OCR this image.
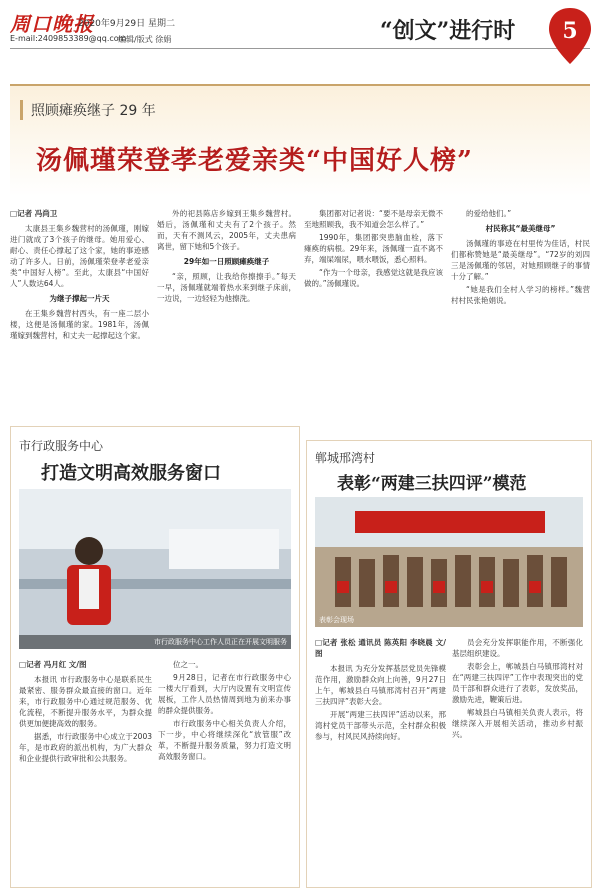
周口晚报
2020年9月29日 星期二
E-mail:2409853389@qq.com
编辑/版式 徐娟	“创文”进行时	5
照顾瘫痪继子 29 年
汤佩瑾荣登孝老爱亲类“中国好人榜”
□记者 冯尚卫

太康县王集乡魏营村的汤佩瑾，刚嫁进门就成了3个孩子的继母。她用爱心、耐心、责任心撑起了这个家，她的事迹感动了许多人。日前，汤佩瑾荣登孝老爱亲类“中国好人榜”。至此，太康县“中国好人”人数达64人。

为继子撑起一片天

在王集乡魏营村西头，有一座二层小楼，这便是汤佩瑾的家。1981年，汤佩瑾嫁到魏营村，和丈夫一起撑起这个家。

外的祀县陈店乡嫁到王集乡魏营村。婚后，汤佩瑾和丈夫有了2个孩子。然而，天有不测风云，2005年，丈夫患病离世，留下她和5个孩子。

29年如一日照顾瘫痪继子

“亲，照顾，让我给你擦擦手。”每天一早，汤佩瑾就端着热水来到继子床前，一边说，一边轻轻为他擦洗。

集团都对记者说：“要不是母亲无微不至地照顾我，我不知道会怎么样了。”

1990年，集团都突患脑血栓，落下瘫痪的病根。29年来，汤佩瑾一直不离不弃，端屎端尿，喂水喂饭，悉心照料。

“作为一个母亲，我感觉这就是我应该做的。”汤佩瑾说。

的爱给他们。”

村民称其“最美继母”

汤佩瑾的事迹在村里传为佳话，村民们都称赞她是“最美继母”。“72岁的刘四三是汤佩瑾的邻居，对她照顾继子的事情十分了解。”

“她是我们全村人学习的榜样。”魏营村村民张艳娟说。

市行政服务中心
打造文明高效服务窗口
市行政服务中心工作人员正在开展文明服务
□记者 冯月红 文/图

本报讯 市行政服务中心是联系民生最紧密、服务群众最直接的窗口。近年来，市行政服务中心通过规范服务、优化流程，不断提升服务水平，为群众提供更加便捷高效的服务。

据悉，市行政服务中心成立于2003年，是市政府的派出机构，为广大群众和企业提供行政审批和公共服务。

位之一。

9月28日，记者在市行政服务中心一楼大厅看到，大厅内设置有文明宣传展板，工作人员热情周到地为前来办事的群众提供服务。

市行政服务中心相关负责人介绍，下一步，中心将继续深化“放管服”改革，不断提升服务质量，努力打造文明高效服务窗口。

郸城邢湾村
表彰“两建三扶四评”模范
表彰会现场
□记者 张松 通讯员 陈英阳 李晓晨 文/图

本报讯 为充分发挥基层党员先锋模范作用，激励群众向上向善，9月27日上午，郸城县白马镇邢湾村召开“两建三扶四评”表彰大会。

开展“两建三扶四评”活动以来，邢湾村党员干部带头示范，全村群众积极参与，村风民风持续向好。

员会充分发挥职能作用，不断强化基层组织建设。

表彰会上，郸城县白马镇邢湾村对在“两建三扶四评”工作中表现突出的党员干部和群众进行了表彰，发放奖品，激励先进，鞭策后进。

郸城县白马镇相关负责人表示，将继续深入开展相关活动，推动乡村振兴。
